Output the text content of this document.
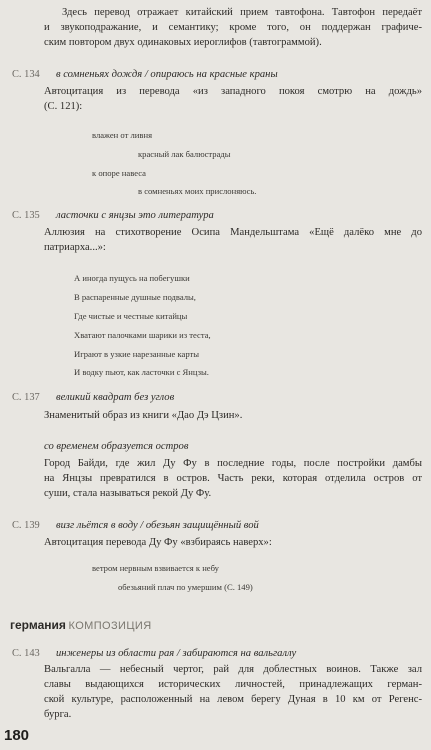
Здесь перевод отражает китайский прием тавтофона. Тавтофон передаёт
и звукоподражание, и семантику; кроме того, он поддержан графиче-
ским повтором двух одинаковых иероглифов (тавтограммой).
С. 134 в сомненьях дождя / опираюсь на красные краны
Автоцитация из перевода «из западного покоя смотрю на дождь»
(С. 121):
влажен от ливня
красный лак балюстрады
к опоре навеса
в сомненьях моих прислоняюсь.
С. 135 ласточки с янцзы это литература
Аллюзия на стихотворение Осипа Мандельштама «Ещё далёко мне до
патриарха...»:
А иногда пущусь на побегушки
В распаренные душные подвалы,
Где чистые и честные китайцы
Хватают палочками шарики из теста,
Играют в узкие нарезанные карты
И водку пьют, как ласточки с Янцзы.
С. 137 великий квадрат без углов
Знаменитый образ из книги «Дао Дэ Цзин».
со временем образуется остров
Город Байди, где жил Ду Фу в последние годы, после постройки дамбы
на Янцзы превратился в остров. Часть реки, которая отделила остров от
суши, стала называться рекой Ду Фу.
С. 139 визг льётся в воду / обезьян защищённый вой
Автоцитация перевода Ду Фу «взбираясь наверх»:
ветром нервным взвивается к небу
обезьяний плач по умершим (С. 149)
германия КОМПОЗИЦИЯ
С. 143 инженеры из области рая / забираются на вальгаллу
Вальгалла — небесный чертог, рай для доблестных воинов. Также зал
славы выдающихся исторических личностей, принадлежащих герман-
ской культуре, расположенный на левом берегу Дуная в 10 км от Регенс-
бурга.
180
